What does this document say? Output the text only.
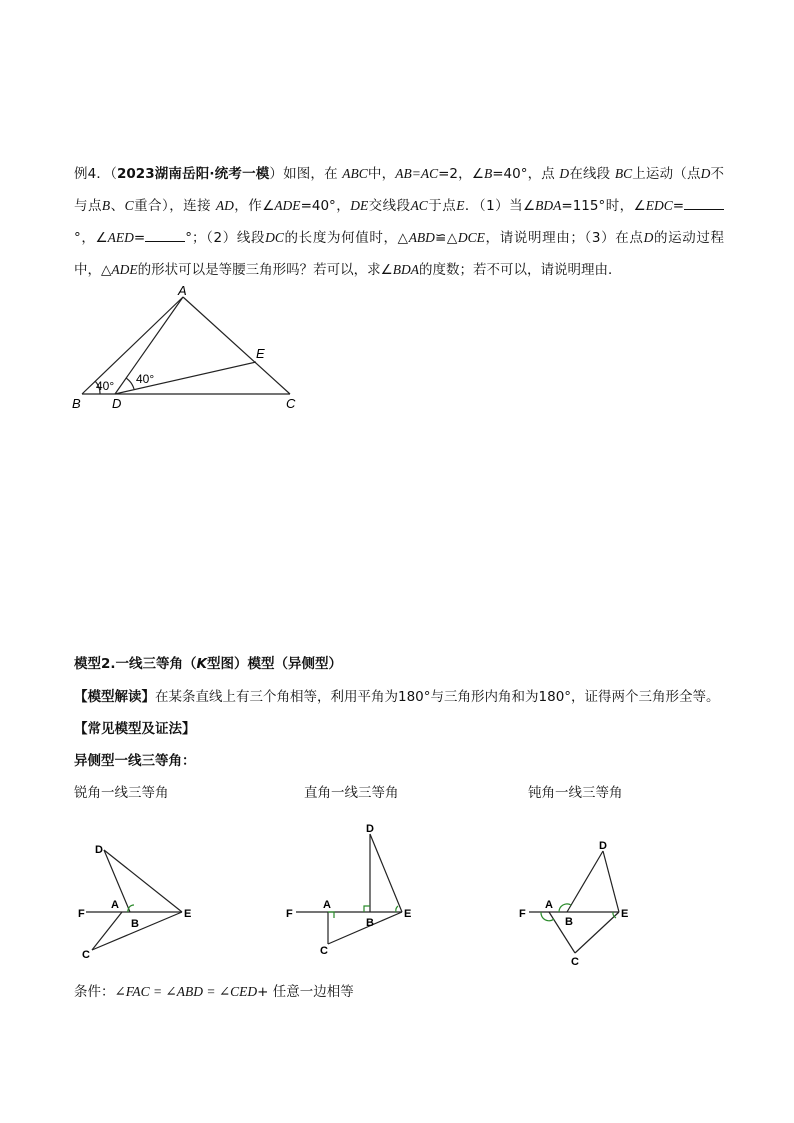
例4．（2023湖南岳阳·统考一模）如图，在 ABC中，AB=AC=2，∠B=40°，点 D在线段 BC上运动（点D不与点B、C重合），连接 AD，作∠ADE=40°，DE交线段AC于点E．（1）当∠BDA=115°时，∠EDC=°，∠AED=	°；（2）线段DC的长度为何值时，△ABD≌△DCE，请说明理由；（3）在点D的运动过程中，△ADE的形状可以是等腰三角形吗？若可以，求∠BDA的度数；若不可以，请说明理由．
A
B D	C
E
40° 40°
模型2.一线三等角（K型图）模型（异侧型）
【模型解读】在某条直线上有三个角相等，利用平角为180°与三角形内角和为180°，证得两个三角形全等。
【常见模型及证法】
异侧型一线三等角：
锐角一线三等角	直角一线三等角	钝角一线三等角
F
A
B
E
D
C
F
A
B
E
D
C
F
A
B
E
D
C
条件：∠FAC = ∠ABD = ∠CED+ 任意一边相等
